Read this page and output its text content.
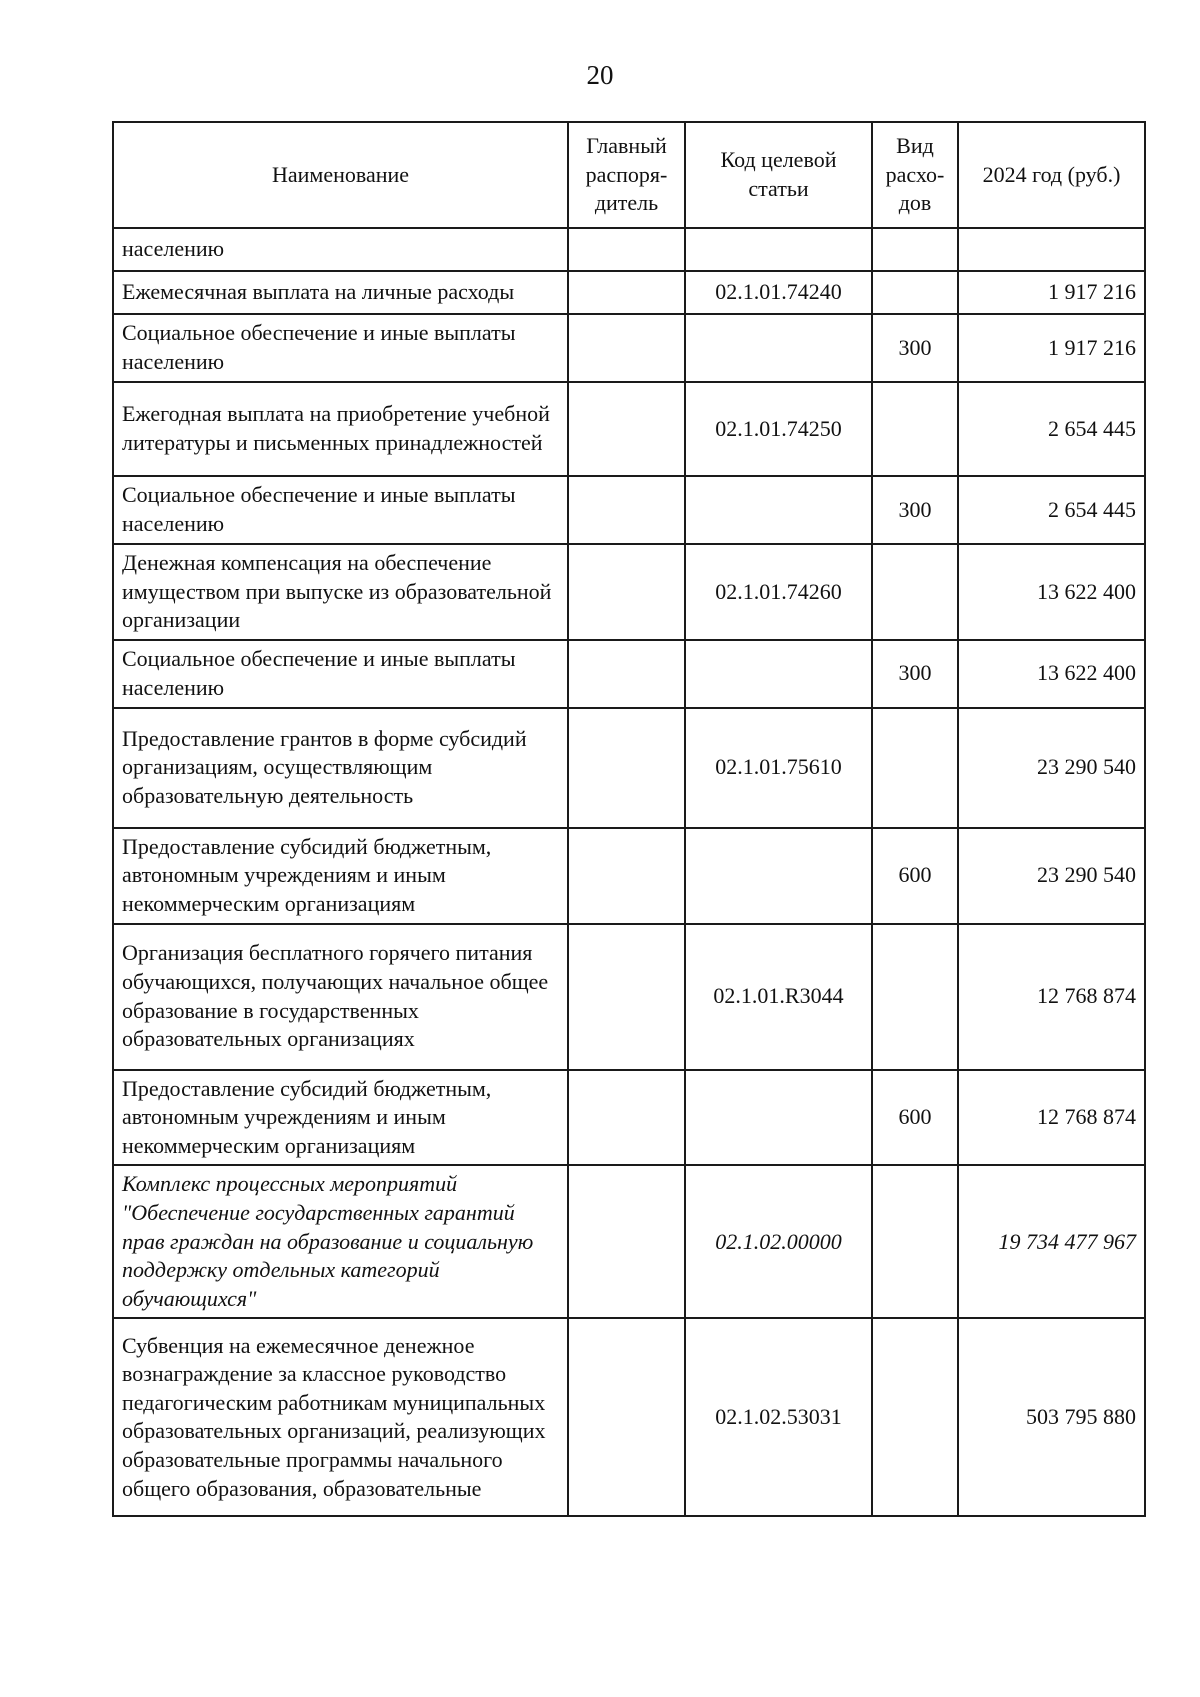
20
Наименование	Главный распоря-дитель	Код целевой статьи	Вид расхо-дов	2024 год (руб.)
населению				
Ежемесячная выплата на личные расходы		02.1.01.74240		1 917 216
Социальное обеспечение и иные выплаты населению			300	1 917 216
Ежегодная выплата на приобретение учебной литературы и письменных принадлежностей		02.1.01.74250		2 654 445
Социальное обеспечение и иные выплаты населению			300	2 654 445
Денежная компенсация на обеспечение имуществом при выпуске из образовательной организации		02.1.01.74260		13 622 400
Социальное обеспечение и иные выплаты населению			300	13 622 400
Предоставление грантов в форме субсидий организациям, осуществляющим образовательную деятельность		02.1.01.75610		23 290 540
Предоставление субсидий бюджетным, автономным учреждениям и иным некоммерческим организациям			600	23 290 540
Организация бесплатного горячего питания обучающихся, получающих начальное общее образование в государственных образовательных организациях		02.1.01.R3044		12 768 874
Предоставление субсидий бюджетным, автономным учреждениям и иным некоммерческим организациям			600	12 768 874
Комплекс процессных мероприятий "Обеспечение государственных гарантий прав граждан на образование и социальную поддержку отдельных категорий обучающихся"		02.1.02.00000		19 734 477 967
Субвенция на ежемесячное денежное вознаграждение за классное руководство педагогическим работникам муниципальных образовательных организаций, реализующих образовательные программы начального общего образования, образовательные		02.1.02.53031		503 795 880
